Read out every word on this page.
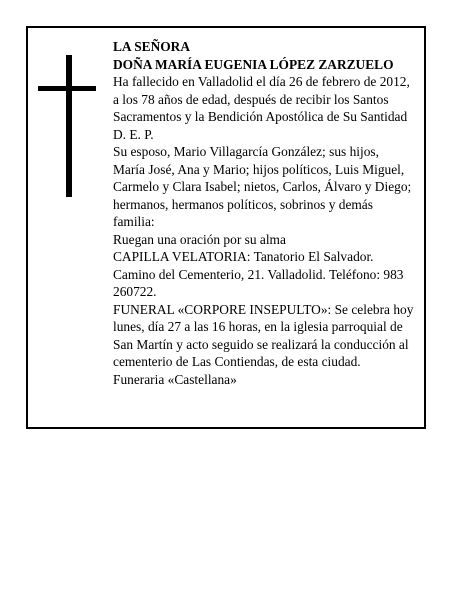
LA SEÑORA
DOÑA MARÍA EUGENIA LÓPEZ ZARZUELO
Ha fallecido en Valladolid el día 26 de febrero de 2012,
a los 78 años de edad, después de recibir los Santos
Sacramentos y la Bendición Apostólica de Su Santidad
D. E. P.
Su esposo, Mario Villagarcía González; sus hijos,
María José, Ana y Mario; hijos políticos, Luis Miguel,
Carmelo y Clara Isabel; nietos, Carlos, Álvaro y Diego;
hermanos, hermanos políticos, sobrinos y demás
familia:
Ruegan una oración por su alma
CAPILLA VELATORIA: Tanatorio El Salvador.
Camino del Cementerio, 21. Valladolid. Teléfono: 983
260722.
FUNERAL «CORPORE INSEPULTO»: Se celebra hoy
lunes, día 27 a las 16 horas, en la iglesia parroquial de
San Martín y acto seguido se realizará la conducción al
cementerio de Las Contiendas, de esta ciudad.
Funeraria «Castellana»
